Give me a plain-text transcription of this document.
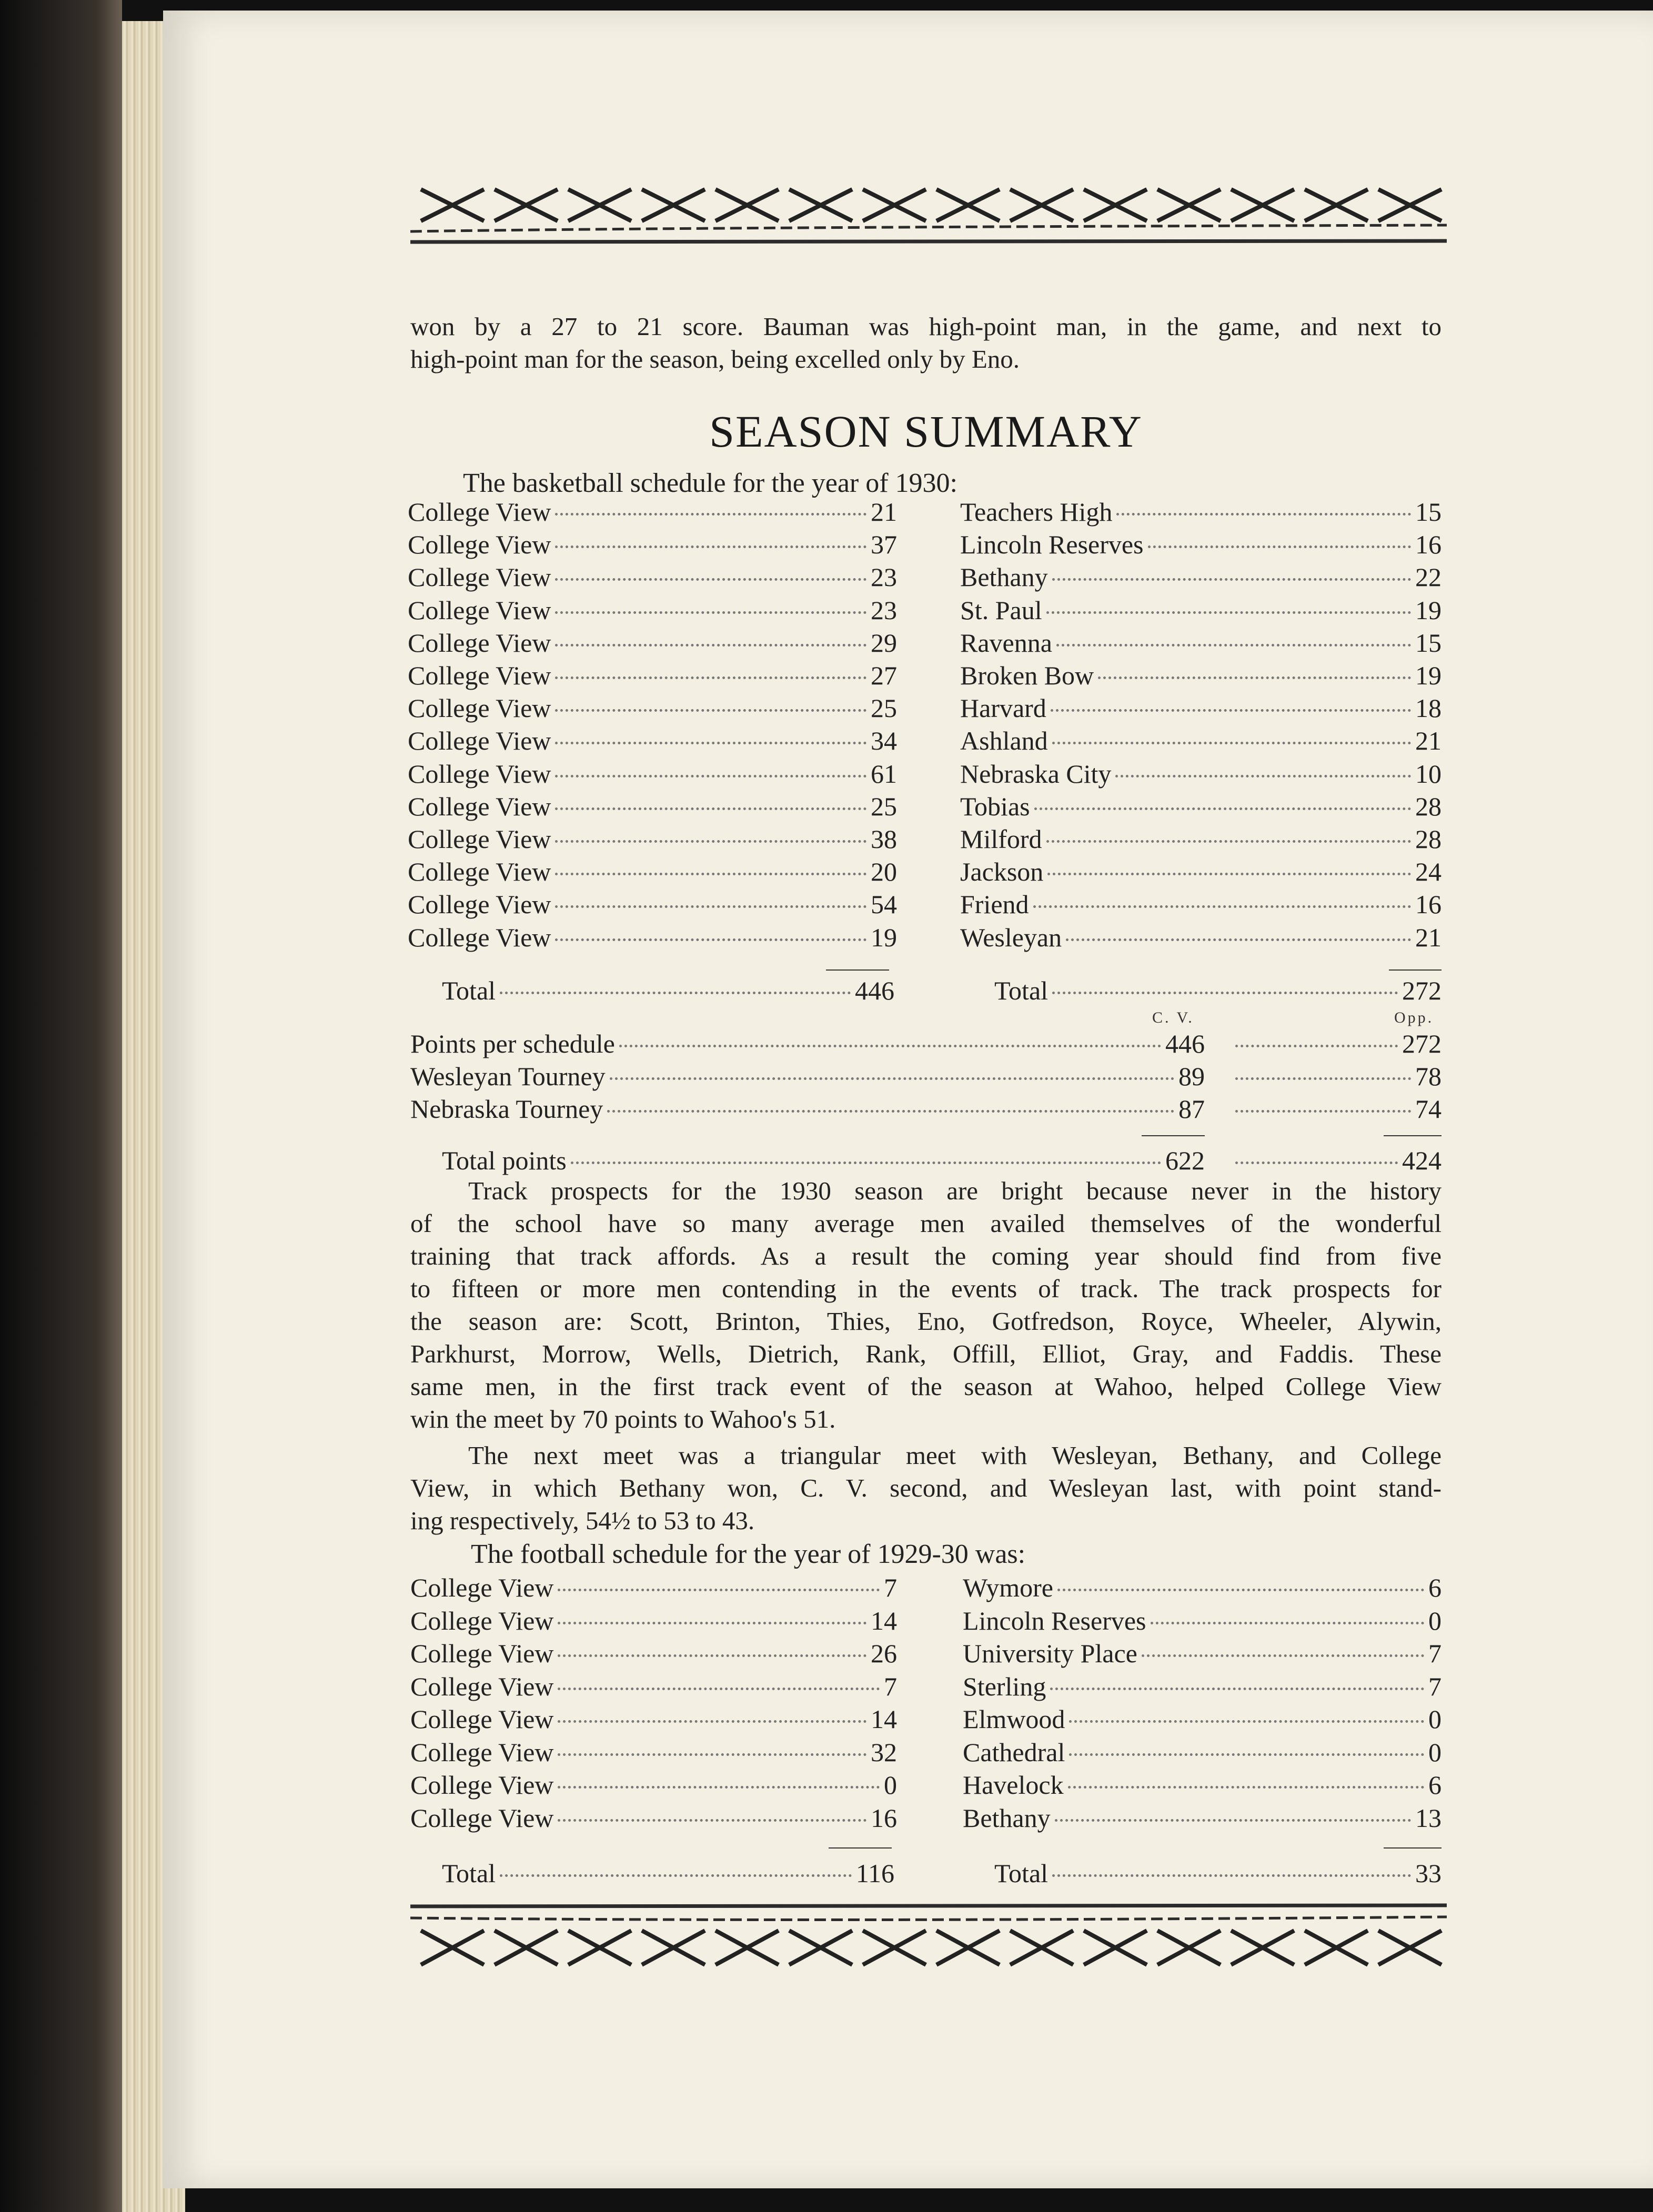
won by a 27 to 21 score. Bauman was high-point man, in the game, and next to
high-point man for the season, being excelled only by Eno.
SEASON SUMMARY
The basketball schedule for the year of 1930:
College View	21 Teachers High	15
College View	37 Lincoln Reserves	16
College View	23 Bethany	22
College View	23 St. Paul	19
College View	29 Ravenna	15
College View	27 Broken Bow	19
College View	25 Harvard	18
College View	34 Ashland	21
College View	61 Nebraska City	10
College View	25 Tobias	28
College View	38 Milford	28
College View	20 Jackson	24
College View	54 Friend	16
College View	19 Wesleyan	21
Total	446	Total	272
C. V.	Opp.
Points per schedule	446	272
Wesleyan Tourney	89	78
Nebraska Tourney	87	74
Total points	622	424
Track prospects for the 1930 season are bright because never in the history
of the school have so many average men availed themselves of the wonderful
training that track affords. As a result the coming year should find from five
to fifteen or more men contending in the events of track. The track prospects for
the season are: Scott, Brinton, Thies, Eno, Gotfredson, Royce, Wheeler, Alywin,
Parkhurst, Morrow, Wells, Dietrich, Rank, Offill, Elliot, Gray, and Faddis. These
same men, in the first track event of the season at Wahoo, helped College View
win the meet by 70 points to Wahoo's 51.
The next meet was a triangular meet with Wesleyan, Bethany, and College
View, in which Bethany won, C. V. second, and Wesleyan last, with point stand-
ing respectively, 54½ to 53 to 43.
The football schedule for the year of 1929-30 was:
College View	7	Wymore	6
College View	14	Lincoln Reserves	0
College View	26	University Place	7
College View	7	Sterling	7
College View	14	Elmwood	0
College View	32	Cathedral	0
College View	0	Havelock	6
College View	16	Bethany	13
Total	116	Total	33
